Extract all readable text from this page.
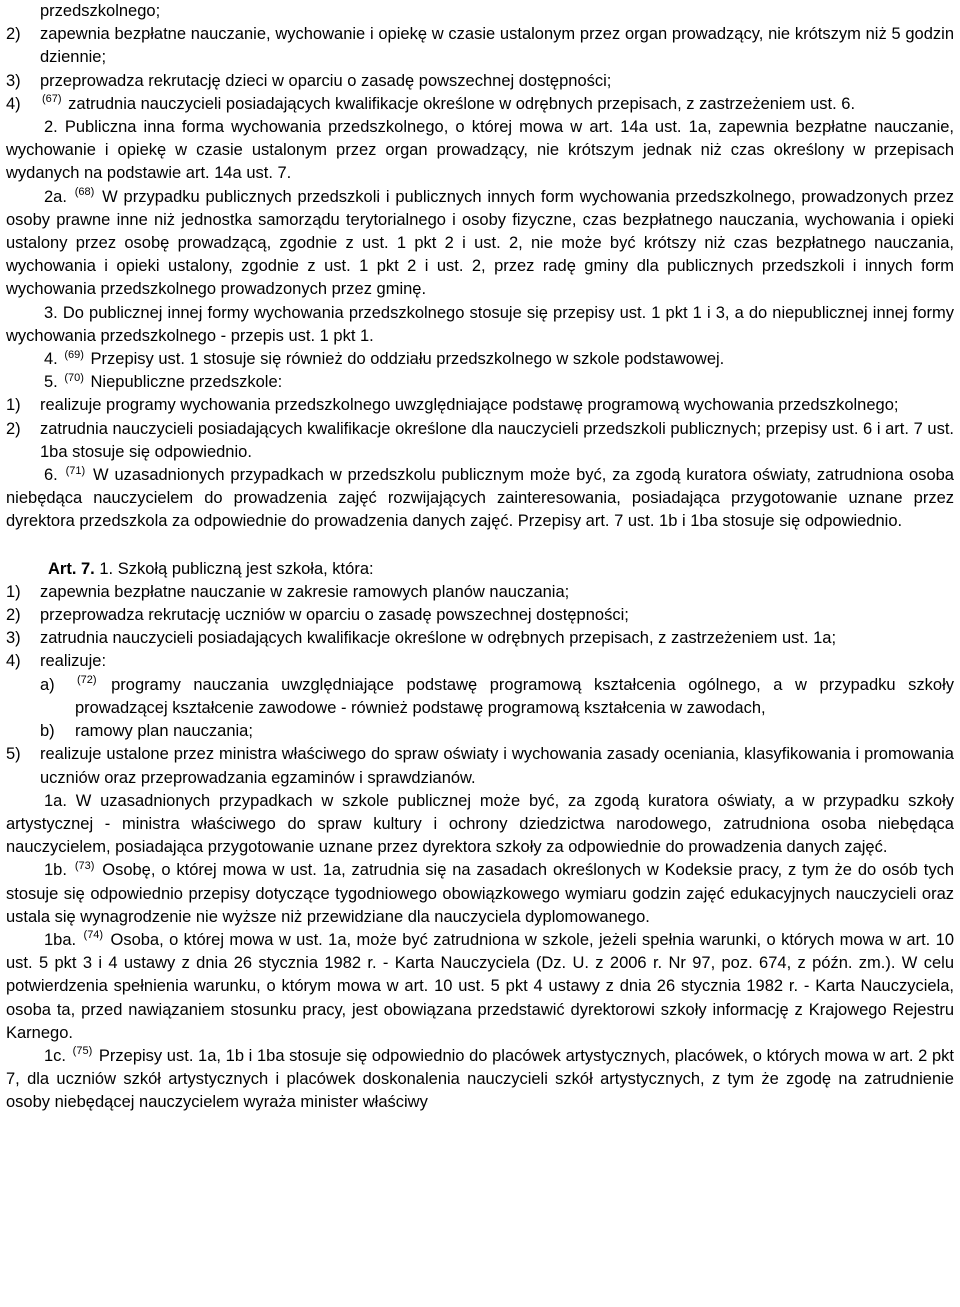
przedszkolnego;

2) zapewnia bezpłatne nauczanie, wychowanie i opiekę w czasie ustalonym przez organ prowadzący, nie krótszym niż 5 godzin dziennie;
3) przeprowadza rekrutację dzieci w oparciu o zasadę powszechnej dostępności;
4) $^{(67)}$ zatrudnia nauczycieli posiadających kwalifikacje określone w odrębnych przepisach, z zastrzeżeniem ust. 6.

2. Publiczna inna forma wychowania przedszkolnego, o której mowa w art. 14a ust. 1a, zapewnia bezpłatne nauczanie, wychowanie i opiekę w czasie ustalonym przez organ prowadzący, nie krótszym jednak niż czas określony w przepisach wydanych na podstawie art. 14a ust. 7.

2a. $^{(68)}$ W przypadku publicznych przedszkoli i publicznych innych form wychowania przedszkolnego, prowadzonych przez osoby prawne inne niż jednostka samorządu terytorialnego i osoby fizyczne, czas bezpłatnego nauczania, wychowania i opieki ustalony przez osobę prowadzącą, zgodnie z ust. 1 pkt 2 i ust. 2, nie może być krótszy niż czas bezpłatnego nauczania, wychowania i opieki ustalony, zgodnie z ust. 1 pkt 2 i ust. 2, przez radę gminy dla publicznych przedszkoli i innych form wychowania przedszkolnego prowadzonych przez gminę.

3. Do publicznej innej formy wychowania przedszkolnego stosuje się przepisy ust. 1 pkt 1 i 3, a do niepublicznej innej formy wychowania przedszkolnego - przepis ust. 1 pkt 1.

4. $^{(69)}$ Przepisy ust. 1 stosuje się również do oddziału przedszkolnego w szkole podstawowej.

5. $^{(70)}$ Niepubliczne przedszkole:

1) realizuje programy wychowania przedszkolnego uwzględniające podstawę programową wychowania przedszkolnego;
2) zatrudnia nauczycieli posiadających kwalifikacje określone dla nauczycieli przedszkoli publicznych; przepisy ust. 6 i art. 7 ust. 1ba stosuje się odpowiednio.

6. $^{(71)}$ W uzasadnionych przypadkach w przedszkolu publicznym może być, za zgodą kuratora oświaty, zatrudniona osoba niebędąca nauczycielem do prowadzenia zajęć rozwijających zainteresowania, posiadająca przygotowanie uznane przez dyrektora przedszkola za odpowiednie do prowadzenia danych zajęć. Przepisy art. 7 ust. 1b i 1ba stosuje się odpowiednio.

Art. 7. 1. Szkołą publiczną jest szkoła, która:

1) zapewnia bezpłatne nauczanie w zakresie ramowych planów nauczania;
2) przeprowadza rekrutację uczniów w oparciu o zasadę powszechnej dostępności;
3) zatrudnia nauczycieli posiadających kwalifikacje określone w odrębnych przepisach, z zastrzeżeniem ust. 1a;
4) realizuje:
a) $^{(72)}$ programy nauczania uwzględniające podstawę programową kształcenia ogólnego, a w przypadku szkoły prowadzącej kształcenie zawodowe - również podstawę programową kształcenia w zawodach,
b) ramowy plan nauczania;
5) realizuje ustalone przez ministra właściwego do spraw oświaty i wychowania zasady oceniania, klasyfikowania i promowania uczniów oraz przeprowadzania egzaminów i sprawdzianów.

1a. W uzasadnionych przypadkach w szkole publicznej może być, za zgodą kuratora oświaty, a w przypadku szkoły artystycznej - ministra właściwego do spraw kultury i ochrony dziedzictwa narodowego, zatrudniona osoba niebędąca nauczycielem, posiadająca przygotowanie uznane przez dyrektora szkoły za odpowiednie do prowadzenia danych zajęć.

1b. $^{(73)}$ Osobę, o której mowa w ust. 1a, zatrudnia się na zasadach określonych w Kodeksie pracy, z tym że do osób tych stosuje się odpowiednio przepisy dotyczące tygodniowego obowiązkowego wymiaru godzin zajęć edukacyjnych nauczycieli oraz ustala się wynagrodzenie nie wyższe niż przewidziane dla nauczyciela dyplomowanego.

1ba. $^{(74)}$ Osoba, o której mowa w ust. 1a, może być zatrudniona w szkole, jeżeli spełnia warunki, o których mowa w art. 10 ust. 5 pkt 3 i 4 ustawy z dnia 26 stycznia 1982 r. - Karta Nauczyciela (Dz. U. z 2006 r. Nr 97, poz. 674, z późn. zm.). W celu potwierdzenia spełnienia warunku, o którym mowa w art. 10 ust. 5 pkt 4 ustawy z dnia 26 stycznia 1982 r. - Karta Nauczyciela, osoba ta, przed nawiązaniem stosunku pracy, jest obowiązana przedstawić dyrektorowi szkoły informację z Krajowego Rejestru Karnego.

1c. $^{(75)}$ Przepisy ust. 1a, 1b i 1ba stosuje się odpowiednio do placówek artystycznych, placówek, o których mowa w art. 2 pkt 7, dla uczniów szkół artystycznych i placówek doskonalenia nauczycieli szkół artystycznych, z tym że zgodę na zatrudnienie osoby niebędącej nauczycielem wyraża minister właściwy
